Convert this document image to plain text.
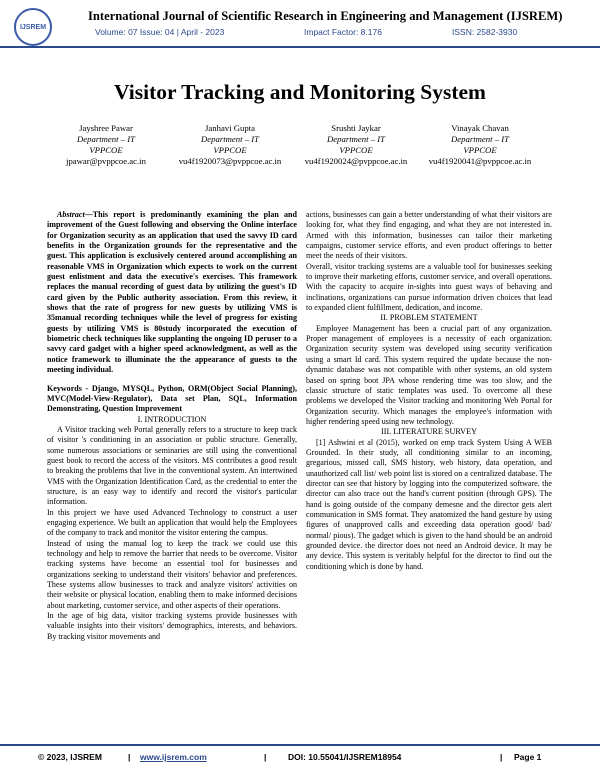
IJSREM
International Journal of Scientific Research in Engineering and Management (IJSREM)
Volume: 07 Issue: 04 | April - 2023	Impact Factor: 8.176	ISSN: 2582-3930
Visitor Tracking and Monitoring System
Jayshree Pawar
Department – IT
VPPCOE
jpawar@pvppcoe.ac.in
Janhavi Gupta
Department – IT
VPPCOE
vu4f1920073@pvppcoe.ac.in
Srushti Jaykar
Department – IT
VPPCOE
vu4f1920024@pvppcoe.ac.in
Vinayak Chavan
Department – IT
VPPCOE
vu4f1920041@pvppcoe.ac.in

Abstract—This report is predominantly examining the plan and improvement of the Guest following and observing the Online interface for Organization security as an application that used the savvy ID card benefits in the Organization grounds for the representative and the guest. This application is exclusively centered around accomplishing an reasonable VMS in Organization which expects to work on the current guest enlistment and data the executive's exercises. This framework replaces the manual recording of guest data by utilizing the guest's ID card given by the Public authority association. From this review, it shows that the rate of progress for new guests by utilizing VMS is 35manual recording techniques while the level of progress for existing guests by utilizing VMS is 80study incorporated the execution of biometric check techniques like supplanting the ongoing ID peruser to a savvy card gadget with a higher speed acknowledgment, as well as the notice framework to illuminate the the appearance of guests to the meeting individual.

Keywords - Django, MYSQL, Python, ORM(Object Social Planning), MVC(Model-View-Regulator), Data set Plan, SQL, Information Demonstrating, Question Improvement

I. INTRODUCTION

A Visitor tracking web Portal generally refers to a structure to keep track of visitor 's conditioning in an association or public structure. Generally, some numerous associations or seminaries are still using the conventional guest book to record the access of the visitors. MS contributes a good result to breaking the problems that live in the conventional system. An intertwined VMS with the Organization Identification Card, as the credential to enter the structure, is an easy way to identify and record the visitor's particular information.

In this project we have used Advanced Technology to construct a user engaging experience. We built an application that would help the Employees of the company to track and monitor the visitor entering the campus.

Instead of using the manual log to keep the track we could use this technology and help to remove the barrier that needs to be overcome. Visitor tracking systems have become an essential tool for businesses and organizations seeking to understand their visitors' behavior and preferences. These systems allow businesses to track and analyze visitors' activities on their website or physical location, enabling them to make informed decisions about marketing, customer service, and other aspects of their operations.

In the age of big data, visitor tracking systems provide businesses with valuable insights into their visitors' demographics, interests, and behaviors. By tracking visitor movements and

actions, businesses can gain a better understanding of what their visitors are looking for, what they find engaging, and what they are not interested in. Armed with this information, businesses can tailor their marketing campaigns, customer service efforts, and even product offerings to better meet the needs of their visitors.

Overall, visitor tracking systems are a valuable tool for businesses seeking to improve their marketing efforts, customer service, and overall operations. With the capacity to acquire in-sights into guest ways of behaving and inclinations, organizations can pursue information driven choices that lead to expanded client fulfillment, dedication, and income.

II. PROBLEM STATEMENT

Employee Management has been a crucial part of any organization. Proper management of employees is a necessity of each organization. Organization security system was developed using security verification using a smart Id card. This system required the update because the non-dynamic database was not compatible with other systems, an old system based on spring boot JPA whose rendering time was too slow, and the classic structure of static templates was used. To overcome all these problems we developed the Visitor tracking and monitoring Web Portal for Organization security. Which manages the employee's information with higher rendering speed using new technology.

III. LITERATURE SURVEY

[1] Ashwini et al (2015), worked on emp track System Using A WEB Grounded. In their study, all conditioning similar to an incoming, gregarious, missed call, SMS history, web history, data operation, and unauthorized call list/ web point list is stored on a centralized database. The director can see that history by logging into the computerized software. the director can also trace out the hand's current position (through GPS). The hand is going outside of the company demesne and the director gets alert communication in SMS format. They anatomized the hand gesture by using figures of unapproved calls and exceeding data operation good/ bad/ normal/ pious). The gadget which is given to the hand should be an android grounded device. the director does not need an Android device. It may be any device. This system is veritably helpful for the director to find out the conditioning which is done by hand.

© 2023, IJSREM	| www.ijsrem.com	|	DOI: 10.55041/IJSREM18954	| Page 1
